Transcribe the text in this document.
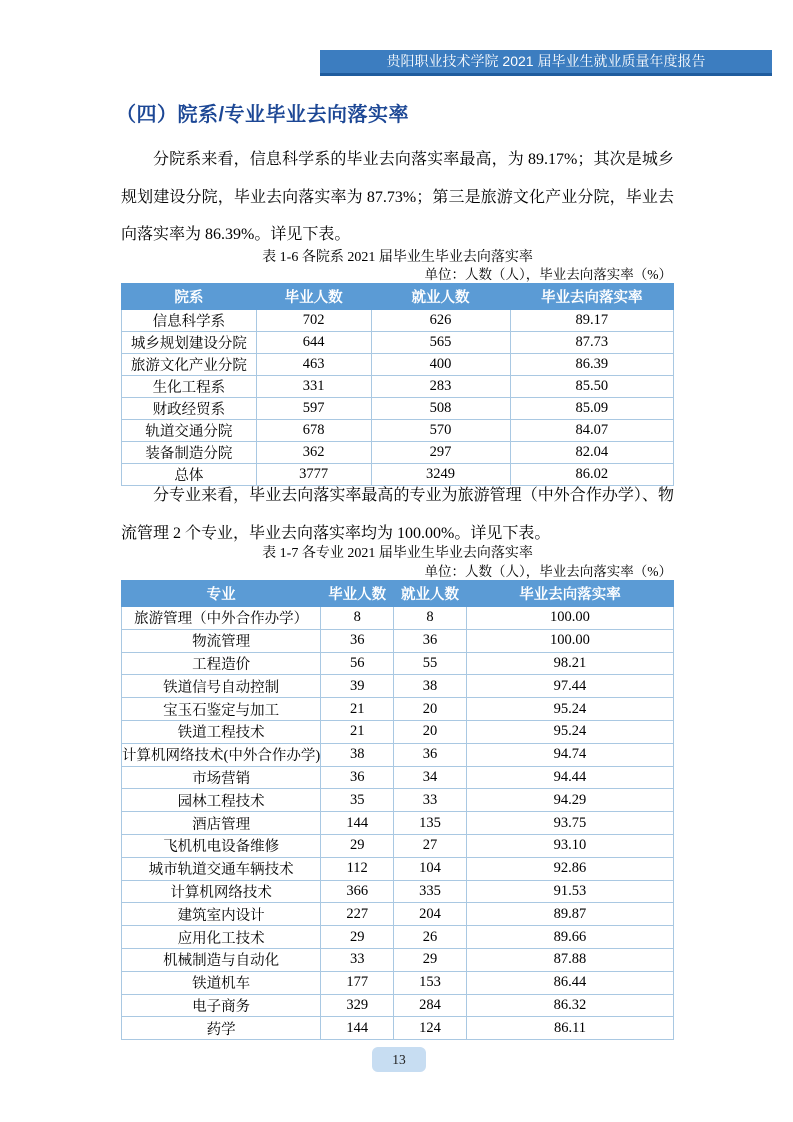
贵阳职业技术学院 2021 届毕业生就业质量年度报告
（四）院系/专业毕业去向落实率

分院系来看，信息科学系的毕业去向落实率最高，为 89.17%；其次是城乡规划建设分院，毕业去向落实率为 87.73%；第三是旅游文化产业分院，毕业去向落实率为 86.39%。详见下表。

表 1-6 各院系 2021 届毕业生毕业去向落实率
单位：人数（人），毕业去向落实率（%）
院系	毕业人数	就业人数	毕业去向落实率
信息科学系	702	626	89.17
城乡规划建设分院	644	565	87.73
旅游文化产业分院	463	400	86.39
生化工程系	331	283	85.50
财政经贸系	597	508	85.09
轨道交通分院	678	570	84.07
装备制造分院	362	297	82.04
总体	3777	3249	86.02

分专业来看，毕业去向落实率最高的专业为旅游管理（中外合作办学）、物流管理 2 个专业，毕业去向落实率均为 100.00%。详见下表。

表 1-7 各专业 2021 届毕业生毕业去向落实率
单位：人数（人），毕业去向落实率（%）
专业	毕业人数	就业人数	毕业去向落实率
旅游管理（中外合作办学）	8	8	100.00
物流管理	36	36	100.00
工程造价	56	55	98.21
铁道信号自动控制	39	38	97.44
宝玉石鉴定与加工	21	20	95.24
铁道工程技术	21	20	95.24
计算机网络技术(中外合作办学)	38	36	94.74
市场营销	36	34	94.44
园林工程技术	35	33	94.29
酒店管理	144	135	93.75
飞机机电设备维修	29	27	93.10
城市轨道交通车辆技术	112	104	92.86
计算机网络技术	366	335	91.53
建筑室内设计	227	204	89.87
应用化工技术	29	26	89.66
机械制造与自动化	33	29	87.88
铁道机车	177	153	86.44
电子商务	329	284	86.32
药学	144	124	86.11
13
